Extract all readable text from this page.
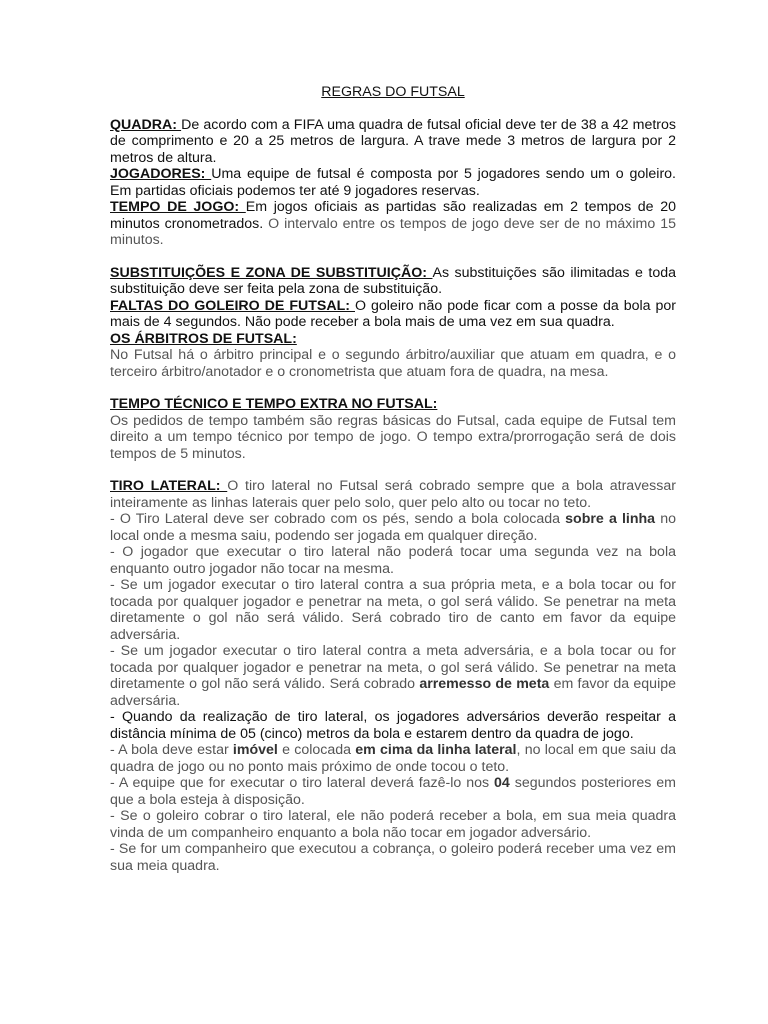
REGRAS DO FUTSAL

QUADRA: De acordo com a FIFA uma quadra de futsal oficial deve ter de 38 a 42 metros de comprimento e 20 a 25 metros de largura. A trave mede 3 metros de largura por 2 metros de altura.

JOGADORES: Uma equipe de futsal é composta por 5 jogadores sendo um o goleiro. Em partidas oficiais podemos ter até 9 jogadores reservas.

TEMPO DE JOGO: Em jogos oficiais as partidas são realizadas em 2 tempos de 20 minutos cronometrados. O intervalo entre os tempos de jogo deve ser de no máximo 15 minutos.

SUBSTITUIÇÕES E ZONA DE SUBSTITUIÇÃO: As substituições são ilimitadas e toda substituição deve ser feita pela zona de substituição.

FALTAS DO GOLEIRO DE FUTSAL: O goleiro não pode ficar com a posse da bola por mais de 4 segundos. Não pode receber a bola mais de uma vez em sua quadra.

OS ÁRBITROS DE FUTSAL:

No Futsal há o árbitro principal e o segundo árbitro/auxiliar que atuam em quadra, e o terceiro árbitro/anotador e o cronometrista que atuam fora de quadra, na mesa.

TEMPO TÉCNICO E TEMPO EXTRA NO FUTSAL:

Os pedidos de tempo também são regras básicas do Futsal, cada equipe de Futsal tem direito a um tempo técnico por tempo de jogo. O tempo extra/prorrogação será de dois tempos de 5 minutos.

TIRO LATERAL: O tiro lateral no Futsal será cobrado sempre que a bola atravessar inteiramente as linhas laterais quer pelo solo, quer pelo alto ou tocar no teto.

- O Tiro Lateral deve ser cobrado com os pés, sendo a bola colocada sobre a linha no local onde a mesma saiu, podendo ser jogada em qualquer direção.

- O jogador que executar o tiro lateral não poderá tocar uma segunda vez na bola enquanto outro jogador não tocar na mesma.

- Se um jogador executar o tiro lateral contra a sua própria meta, e a bola tocar ou for tocada por qualquer jogador e penetrar na meta, o gol será válido. Se penetrar na meta diretamente o gol não será válido. Será cobrado tiro de canto em favor da equipe adversária.

- Se um jogador executar o tiro lateral contra a meta adversária, e a bola tocar ou for tocada por qualquer jogador e penetrar na meta, o gol será válido. Se penetrar na meta diretamente o gol não será válido. Será cobrado arremesso de meta em favor da equipe adversária.

- Quando da realização de tiro lateral, os jogadores adversários deverão respeitar a distância mínima de 05 (cinco) metros da bola e estarem dentro da quadra de jogo.

- A bola deve estar imóvel e colocada em cima da linha lateral, no local em que saiu da quadra de jogo ou no ponto mais próximo de onde tocou o teto.

- A equipe que for executar o tiro lateral deverá fazê-lo nos 04 segundos posteriores em que a bola esteja à disposição.

- Se o goleiro cobrar o tiro lateral, ele não poderá receber a bola, em sua meia quadra vinda de um companheiro enquanto a bola não tocar em jogador adversário.

- Se for um companheiro que executou a cobrança, o goleiro poderá receber uma vez em sua meia quadra.
